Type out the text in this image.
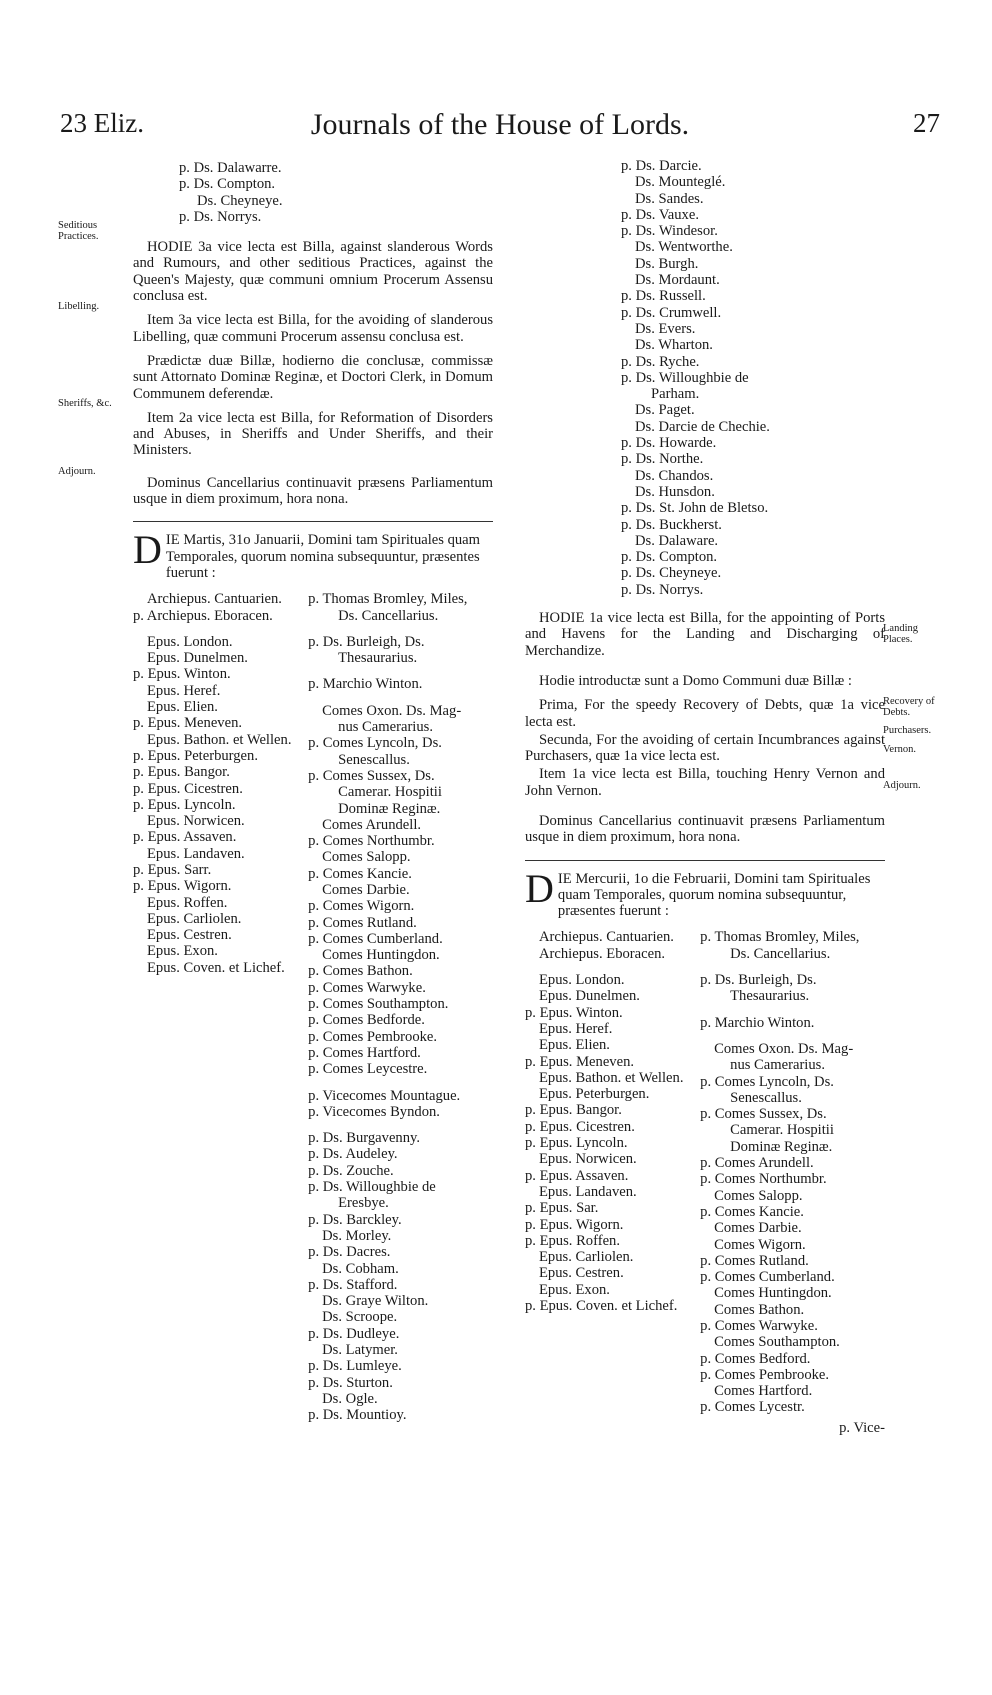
23 Eliz.	Journals of the House of Lords.	27
Seditious Practices.
Libelling.
Sheriffs, &c.
Adjourn.
Landing Places.
Recovery of Debts.
Purchasers.
Vernon.
Adjourn.
p. Ds. Dalawarre.
p. Ds. Compton.
Ds. Cheyneye.
p. Ds. Norrys.

HODIE 3a vice lecta est Billa, against slanderous Words and Rumours, and other seditious Practices, against the Queen's Majesty, quæ communi omnium Procerum Assensu conclusa est.

Item 3a vice lecta est Billa, for the avoiding of slanderous Libelling, quæ communi Procerum assensu conclusa est.

Prædictæ duæ Billæ, hodierno die conclusæ, commissæ sunt Attornato Dominæ Reginæ, et Doctori Clerk, in Domum Communem deferendæ.

Item 2a vice lecta est Billa, for Reformation of Disorders and Abuses, in Sheriffs and Under Sheriffs, and their Ministers.

Dominus Cancellarius continuavit præsens Parliamentum usque in diem proximum, hora nona.

D IE Martis, 31o Januarii, Domini tam Spirituales quam Temporales, quorum nomina subsequuntur, præsentes fuerunt :
Archiepus. Cantuarien.
p. Archiepus. Eboracen.
Epus. London.
Epus. Dunelmen.
p. Epus. Winton.
Epus. Heref.
Epus. Elien.
p. Epus. Meneven.
Epus. Bathon. et Wellen.
p. Epus. Peterburgen.
p. Epus. Bangor.
p. Epus. Cicestren.
p. Epus. Lyncoln.
Epus. Norwicen.
p. Epus. Assaven.
Epus. Landaven.
p. Epus. Sarr.
p. Epus. Wigorn.
Epus. Roffen.
Epus. Carliolen.
Epus. Cestren.
Epus. Exon.
Epus. Coven. et Lichef.
p. Thomas Bromley, Miles,
Ds. Cancellarius.
p. Ds. Burleigh, Ds.
Thesaurarius.
p. Marchio Winton.
Comes Oxon. Ds. Mag-
nus Camerarius.
p. Comes Lyncoln, Ds.
Senescallus.
p. Comes Sussex, Ds.
Camerar. Hospitii
Dominæ Reginæ.
Comes Arundell.
p. Comes Northumbr.
Comes Salopp.
p. Comes Kancie.
Comes Darbie.
p. Comes Wigorn.
p. Comes Rutland.
p. Comes Cumberland.
Comes Huntingdon.
p. Comes Bathon.
p. Comes Warwyke.
p. Comes Southampton.
p. Comes Bedforde.
p. Comes Pembrooke.
p. Comes Hartford.
p. Comes Leycestre.
p. Vicecomes Mountague.
p. Vicecomes Byndon.
p. Ds. Burgavenny.
p. Ds. Audeley.
p. Ds. Zouche.
p. Ds. Willoughbie de
Eresbye.
p. Ds. Barckley.
Ds. Morley.
p. Ds. Dacres.
Ds. Cobham.
p. Ds. Stafford.
Ds. Graye Wilton.
Ds. Scroope.
p. Ds. Dudleye.
Ds. Latymer.
p. Ds. Lumleye.
p. Ds. Sturton.
Ds. Ogle.
p. Ds. Mountioy.
p. Ds. Darcie.
Ds. Mounteglé.
Ds. Sandes.
p. Ds. Vauxe.
p. Ds. Windesor.
Ds. Wentworthe.
Ds. Burgh.
Ds. Mordaunt.
p. Ds. Russell.
p. Ds. Crumwell.
Ds. Evers.
Ds. Wharton.
p. Ds. Ryche.
p. Ds. Willoughbie de
Parham.
Ds. Paget.
Ds. Darcie de Chechie.
p. Ds. Howarde.
p. Ds. Northe.
Ds. Chandos.
Ds. Hunsdon.
p. Ds. St. John de Bletso.
p. Ds. Buckherst.
Ds. Dalaware.
p. Ds. Compton.
p. Ds. Cheyneye.
p. Ds. Norrys.

HODIE 1a vice lecta est Billa, for the appointing of Ports and Havens for the Landing and Discharging of Merchandize.

Hodie introductæ sunt a Domo Communi duæ Billæ :

Prima, For the speedy Recovery of Debts, quæ 1a vice lecta est.

Secunda, For the avoiding of certain Incumbrances against Purchasers, quæ 1a vice lecta est.

Item 1a vice lecta est Billa, touching Henry Vernon and John Vernon.

Dominus Cancellarius continuavit præsens Parliamentum usque in diem proximum, hora nona.

D IE Mercurii, 1o die Februarii, Domini tam Spirituales quam Temporales, quorum nomina subsequuntur, præsentes fuerunt :
Archiepus. Cantuarien.
Archiepus. Eboracen.
Epus. London.
Epus. Dunelmen.
p. Epus. Winton.
Epus. Heref.
Epus. Elien.
p. Epus. Meneven.
Epus. Bathon. et Wellen.
Epus. Peterburgen.
p. Epus. Bangor.
p. Epus. Cicestren.
p. Epus. Lyncoln.
Epus. Norwicen.
p. Epus. Assaven.
Epus. Landaven.
p. Epus. Sar.
p. Epus. Wigorn.
p. Epus. Roffen.
Epus. Carliolen.
Epus. Cestren.
Epus. Exon.
p. Epus. Coven. et Lichef.
p. Thomas Bromley, Miles,
Ds. Cancellarius.
p. Ds. Burleigh, Ds.
Thesaurarius.
p. Marchio Winton.
Comes Oxon. Ds. Mag-
nus Camerarius.
p. Comes Lyncoln, Ds.
Senescallus.
p. Comes Sussex, Ds.
Camerar. Hospitii
Dominæ Reginæ.
p. Comes Arundell.
p. Comes Northumbr.
Comes Salopp.
p. Comes Kancie.
Comes Darbie.
Comes Wigorn.
p. Comes Rutland.
p. Comes Cumberland.
Comes Huntingdon.
Comes Bathon.
p. Comes Warwyke.
Comes Southampton.
p. Comes Bedford.
p. Comes Pembrooke.
Comes Hartford.
p. Comes Lycestr.
p. Vice-
